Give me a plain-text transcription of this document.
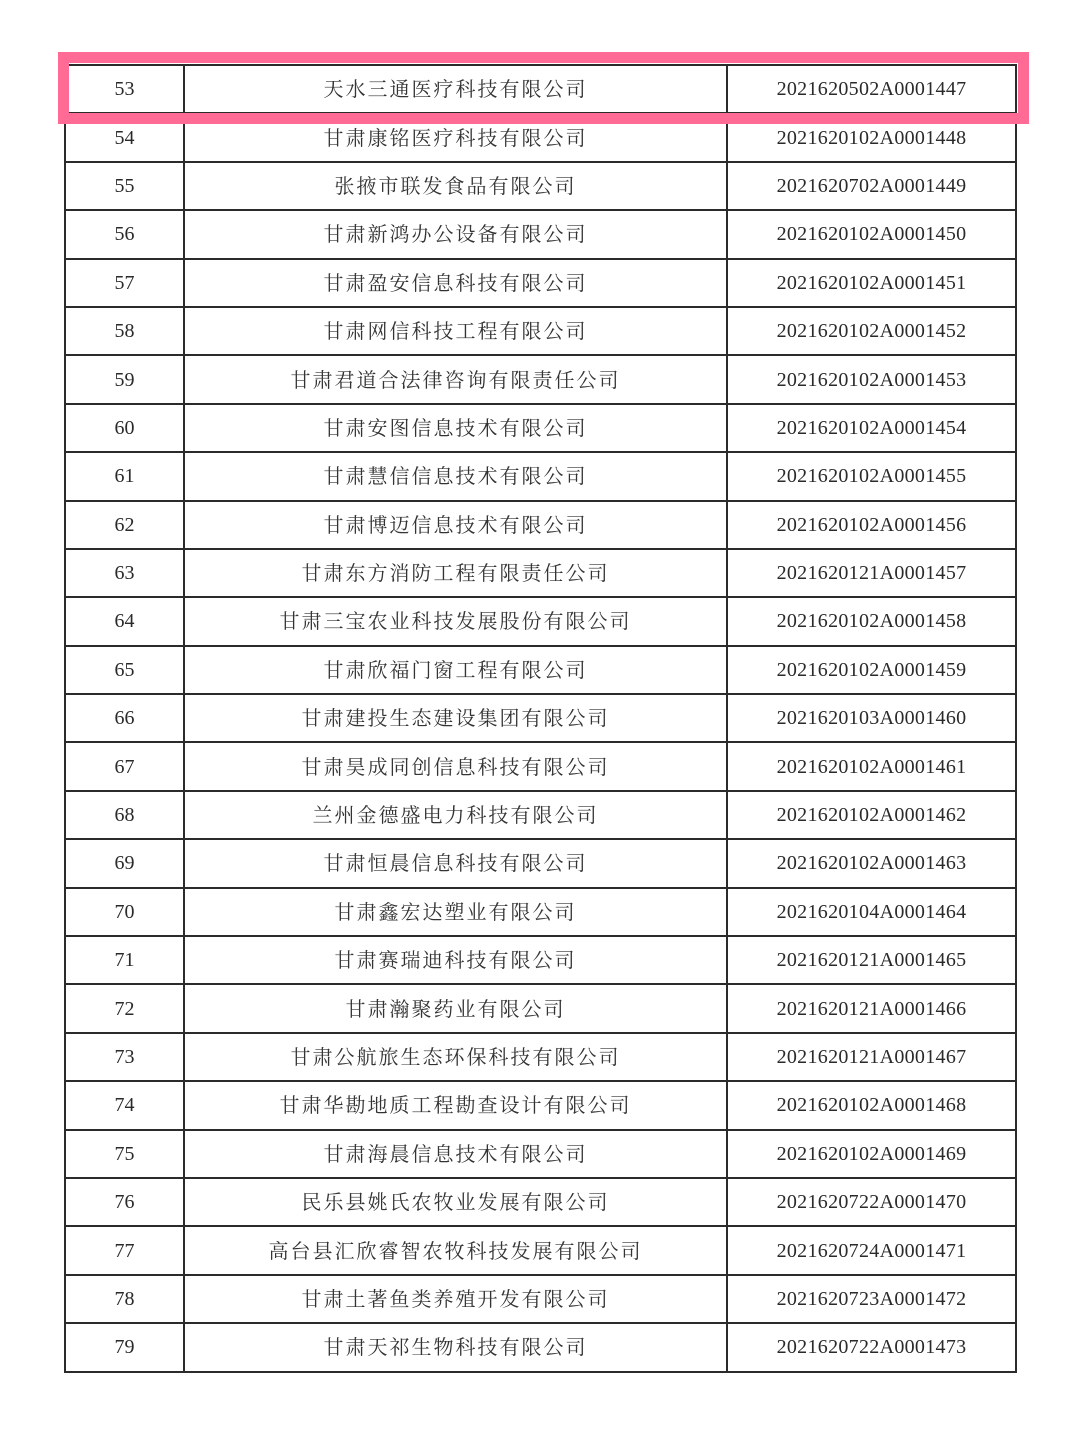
53	天水三通医疗科技有限公司	2021620502A0001447
54	甘肃康铭医疗科技有限公司	2021620102A0001448
55	张掖市联发食品有限公司	2021620702A0001449
56	甘肃新鸿办公设备有限公司	2021620102A0001450
57	甘肃盈安信息科技有限公司	2021620102A0001451
58	甘肃网信科技工程有限公司	2021620102A0001452
59	甘肃君道合法律咨询有限责任公司	2021620102A0001453
60	甘肃安图信息技术有限公司	2021620102A0001454
61	甘肃慧信信息技术有限公司	2021620102A0001455
62	甘肃博迈信息技术有限公司	2021620102A0001456
63	甘肃东方消防工程有限责任公司	2021620121A0001457
64	甘肃三宝农业科技发展股份有限公司	2021620102A0001458
65	甘肃欣福门窗工程有限公司	2021620102A0001459
66	甘肃建投生态建设集团有限公司	2021620103A0001460
67	甘肃昊成同创信息科技有限公司	2021620102A0001461
68	兰州金德盛电力科技有限公司	2021620102A0001462
69	甘肃恒晨信息科技有限公司	2021620102A0001463
70	甘肃鑫宏达塑业有限公司	2021620104A0001464
71	甘肃赛瑞迪科技有限公司	2021620121A0001465
72	甘肃瀚聚药业有限公司	2021620121A0001466
73	甘肃公航旅生态环保科技有限公司	2021620121A0001467
74	甘肃华勘地质工程勘查设计有限公司	2021620102A0001468
75	甘肃海晨信息技术有限公司	2021620102A0001469
76	民乐县姚氏农牧业发展有限公司	2021620722A0001470
77	高台县汇欣睿智农牧科技发展有限公司	2021620724A0001471
78	甘肃土著鱼类养殖开发有限公司	2021620723A0001472
79	甘肃天祁生物科技有限公司	2021620722A0001473
